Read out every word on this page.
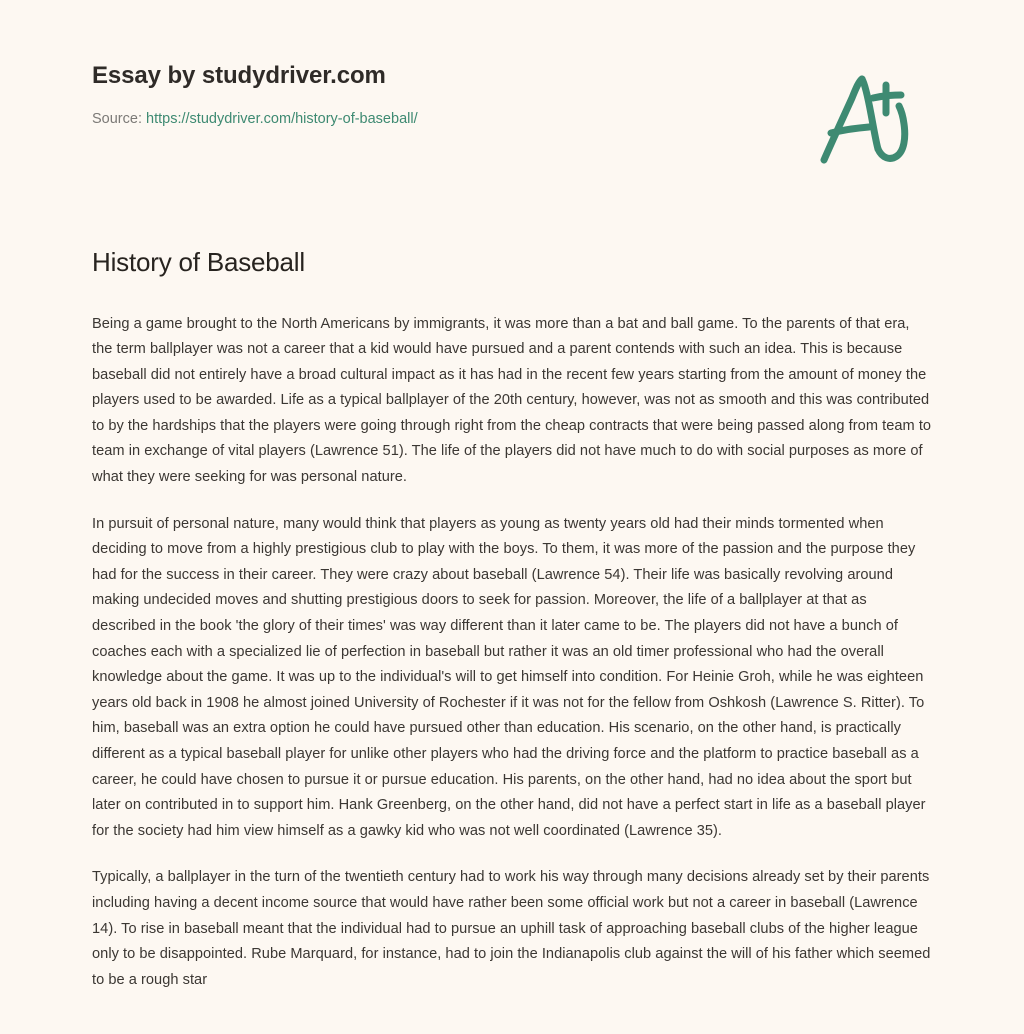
Essay by studydriver.com
Source: https://studydriver.com/history-of-baseball/
History of Baseball

Being a game brought to the North Americans by immigrants, it was more than a bat and ball game. To the parents of that era, the term ballplayer was not a career that a kid would have pursued and a parent contends with such an idea. This is because baseball did not entirely have a broad cultural impact as it has had in the recent few years starting from the amount of money the players used to be awarded. Life as a typical ballplayer of the 20th century, however, was not as smooth and this was contributed to by the hardships that the players were going through right from the cheap contracts that were being passed along from team to team in exchange of vital players (Lawrence 51). The life of the players did not have much to do with social purposes as more of what they were seeking for was personal nature.

In pursuit of personal nature, many would think that players as young as twenty years old had their minds tormented when deciding to move from a highly prestigious club to play with the boys. To them, it was more of the passion and the purpose they had for the success in their career. They were crazy about baseball (Lawrence 54). Their life was basically revolving around making undecided moves and shutting prestigious doors to seek for passion. Moreover, the life of a ballplayer at that as described in the book 'the glory of their times' was way different than it later came to be. The players did not have a bunch of coaches each with a specialized lie of perfection in baseball but rather it was an old timer professional who had the overall knowledge about the game. It was up to the individual's will to get himself into condition. For Heinie Groh, while he was eighteen years old back in 1908 he almost joined University of Rochester if it was not for the fellow from Oshkosh (Lawrence S. Ritter). To him, baseball was an extra option he could have pursued other than education. His scenario, on the other hand, is practically different as a typical baseball player for unlike other players who had the driving force and the platform to practice baseball as a career, he could have chosen to pursue it or pursue education. His parents, on the other hand, had no idea about the sport but later on contributed in to support him. Hank Greenberg, on the other hand, did not have a perfect start in life as a baseball player for the society had him view himself as a gawky kid who was not well coordinated (Lawrence 35).

Typically, a ballplayer in the turn of the twentieth century had to work his way through many decisions already set by their parents including having a decent income source that would have rather been some official work but not a career in baseball (Lawrence 14). To rise in baseball meant that the individual had to pursue an uphill task of approaching baseball clubs of the higher league only to be disappointed. Rube Marquard, for instance, had to join the Indianapolis club against the will of his father which seemed to be a rough star
